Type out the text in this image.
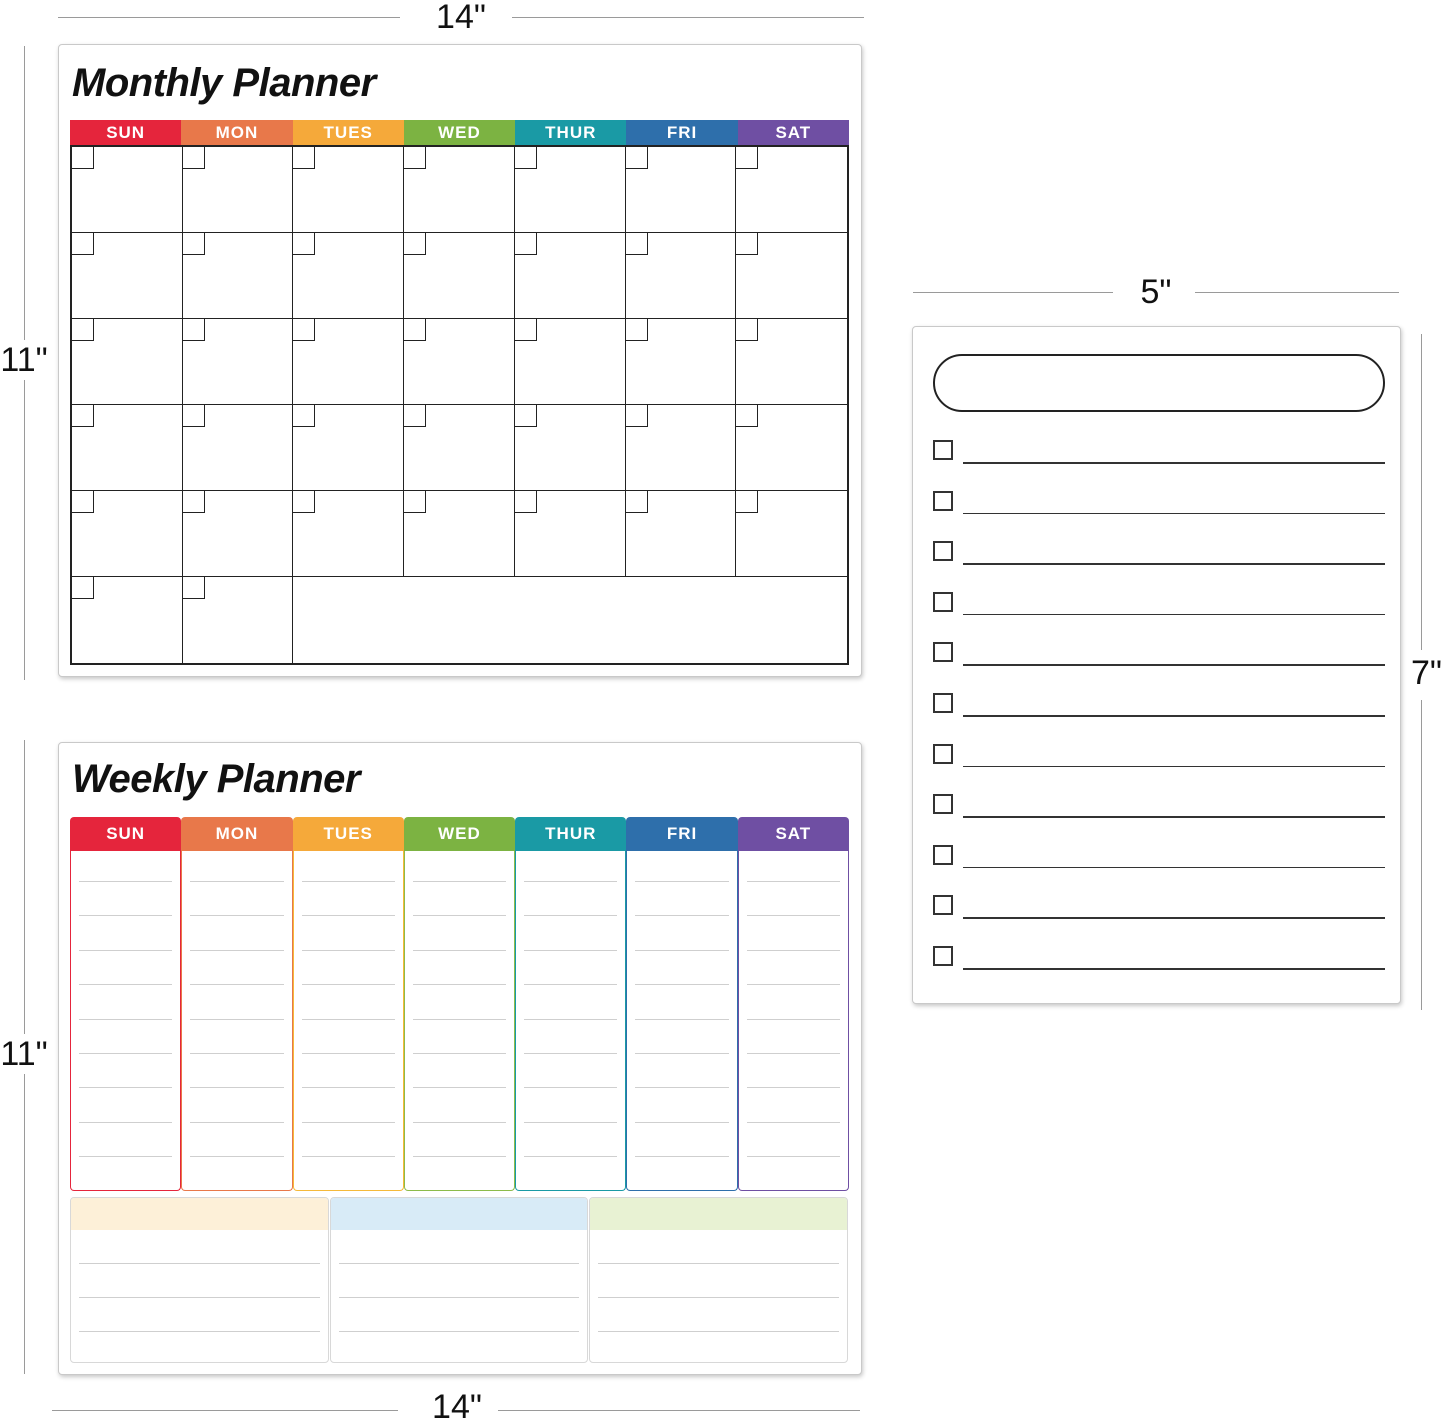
14"
11"
11"
14"
5"
7"
Monthly Planner
SUN	MON	TUES	WED	THUR	FRI	SAT
Weekly Planner
SUN	MON	TUES	WED	THUR	FRI	SAT
